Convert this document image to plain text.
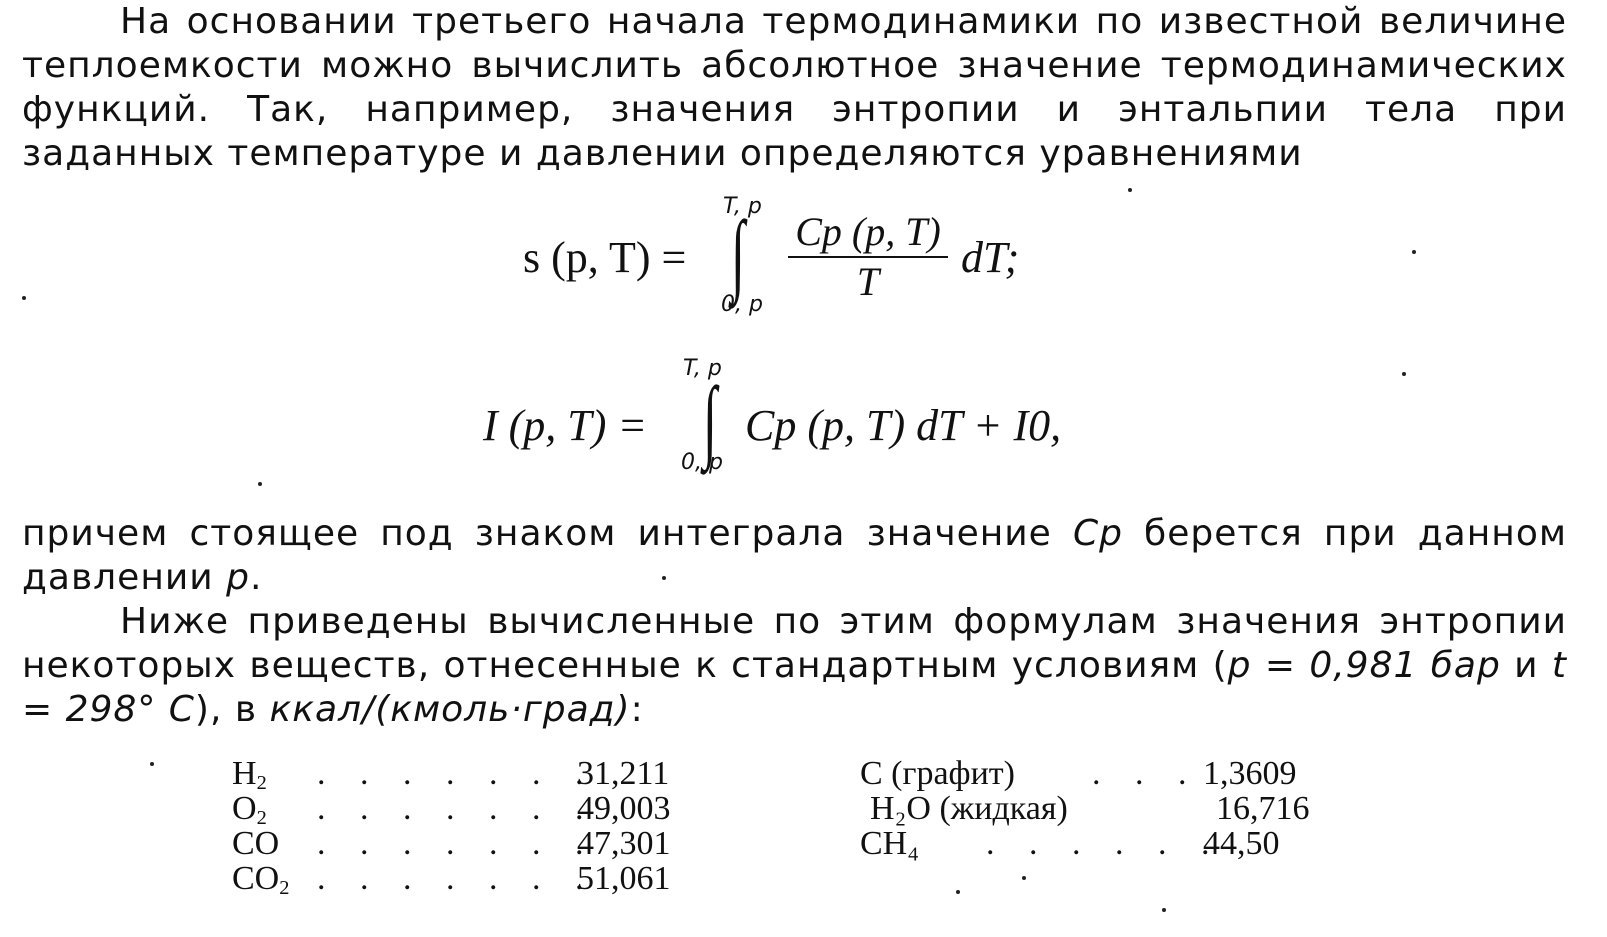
На основании третьего начала термодинамики по известной величине теплоемкости можно вычислить абсолютное значение термодинамических функций. Так, например, значения энтропии и энтальпии тела при заданных температуре и давлении определяются уравнениями
s (p, T) =
T, p
∫
0, p
Cp (p, T)
T	dT;
I (p, T) =
T, p
∫
0, p
Cp (p, T) dT + I0,
причем стоящее под знаком интеграла значение Cp берется при данном давлении p.
Ниже приведены вычисленные по этим формулам значения энтропии некоторых веществ, отнесенные к стандартным условиям (p = 0,981 бар и t = 298° C), в ккал/(кмоль·град):
$H_2$ . . . . . . .
31,211
$O_2$ . . . . . . .
49,003
CO . . . . . . .
47,301
$CO_2$ . . . . . . .
51,061
C (графит) . . . 1,3609
H₂O (жидкая)	16,716
CH₄ . . . . . .
44,50
